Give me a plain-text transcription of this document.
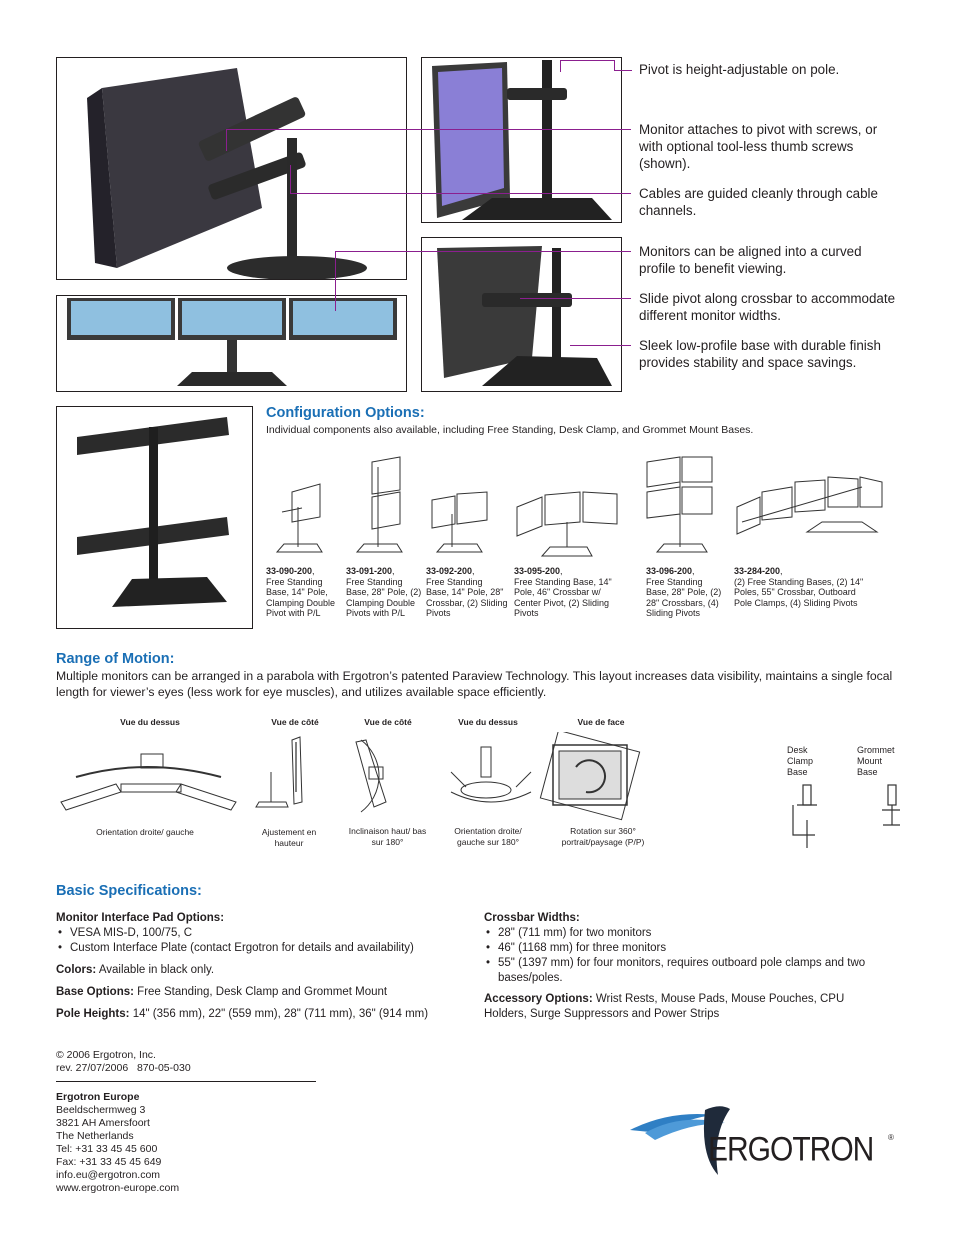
Pivot is height-adjustable on pole.
Monitor attaches to pivot with screws, or with optional tool-less thumb screws (shown).
Cables are guided cleanly through cable channels.
Monitors can be aligned into a curved profile to benefit viewing.
Slide pivot along crossbar to accommodate different monitor widths.
Sleek low-profile base with durable finish provides stability and space savings.
Configuration Options:
Individual components also available, including Free Standing, Desk Clamp, and Grommet Mount Bases.
33-090-200,
Free Standing Base, 14" Pole, Clamping Double Pivot with P/L
33-091-200,
Free Standing Base, 28" Pole, (2) Clamping Double Pivots with P/L
33-092-200,
Free Standing Base, 14" Pole, 28" Crossbar, (2) Sliding Pivots
33-095-200,
Free Standing Base, 14" Pole, 46" Crossbar w/ Center Pivot, (2) Sliding Pivots
33-096-200,
Free Standing Base, 28" Pole, (2) 28" Crossbars, (4) Sliding Pivots
33-284-200,
(2) Free Standing Bases, (2) 14" Poles, 55" Crossbar, Outboard Pole Clamps, (4) Sliding Pivots
Range of Motion:
Multiple monitors can be arranged in a parabola with Ergotron’s patented Paraview Technology. This layout increases data visibility, maintains a single focal length for viewer’s eyes (less work for eye muscles), and utilizes available space efficiently.
Vue du dessus	Vue de côté	Vue de côté	Vue du dessus	Vue de face
Orientation droite/ gauche	Ajustement en hauteur
Inclinaison haut/ bas sur 180°
Orientation droite/ gauche sur 180°
Rotation sur 360° portrait/paysage (P/P)
Desk Clamp Base
Grommet Mount Base
Basic Specifications:
Monitor Interface Pad Options:
• VESA MIS-D, 100/75, C
• Custom Interface Plate (contact Ergotron for details and availability)
Colors: Available in black only.
Base Options: Free Standing, Desk Clamp and Grommet Mount
Pole Heights: 14" (356 mm), 22" (559 mm), 28" (711 mm), 36" (914 mm)
Crossbar Widths:
• 28" (711 mm) for two monitors
• 46" (1168 mm) for three monitors
• 55" (1397 mm) for four monitors, requires outboard pole clamps and two bases/poles.
Accessory Options: Wrist Rests, Mouse Pads, Mouse Pouches, CPU Holders, Surge Suppressors and Power Strips
© 2006 Ergotron, Inc.
rev. 27/07/2006   870-05-030
Ergotron Europe
Beeldschermweg 3
3821 AH Amersfoort
The Netherlands
Tel: +31 33 45 45 600
Fax: +31 33 45 45 649
info.eu@ergotron.com
www.ergotron-europe.com
ERGOTRON ®
